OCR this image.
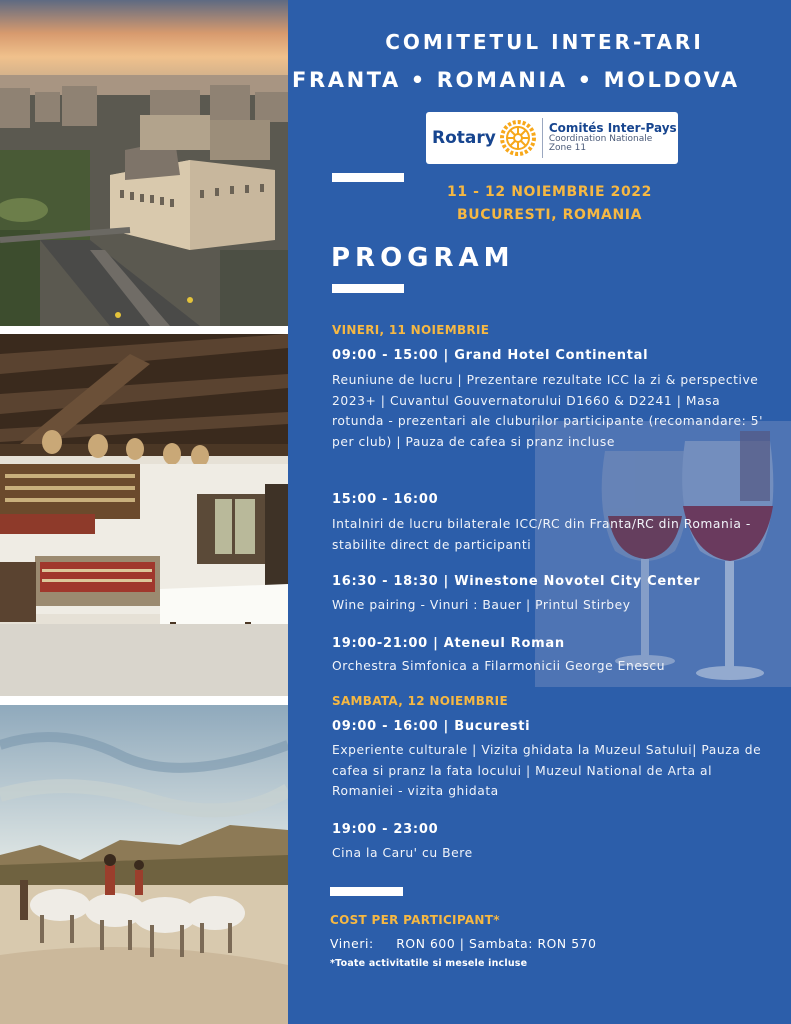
COMITETUL INTER-TARI
FRANTA • ROMANIA • MOLDOVA
Rotary	Comités Inter-Pays
Coordination Nationale
Zone 11
11 - 12 NOIEMBRIE 2022
BUCURESTI, ROMANIA
PROGRAM
VINERI, 11 NOIEMBRIE
09:00 - 15:00 | Grand Hotel Continental
Reuniune de lucru | Prezentare rezultate ICC la zi & perspective 2023+ | Cuvantul Gouvernatorului D1660 & D2241 | Masa rotunda - prezentari ale cluburilor participante (recomandare: 5' per club) | Pauza de cafea si pranz incluse
15:00 - 16:00
Intalniri de lucru bilaterale ICC/RC din Franta/RC din Romania - stabilite direct de participanti
16:30 - 18:30 | Winestone Novotel City Center
Wine pairing - Vinuri : Bauer | Printul Stirbey
19:00-21:00 | Ateneul Roman
Orchestra Simfonica a Filarmonicii George Enescu
SAMBATA, 12 NOIEMBRIE
09:00 - 16:00 | Bucuresti
Experiente culturale | Vizita ghidata la Muzeul Satului| Pauza de cafea si pranz la fata locului | Muzeul National de Arta al Romaniei - vizita ghidata
19:00 - 23:00
Cina la Caru' cu Bere
COST PER PARTICIPANT*
Vineri:     RON 600 | Sambata: RON 570
*Toate activitatile si mesele incluse
